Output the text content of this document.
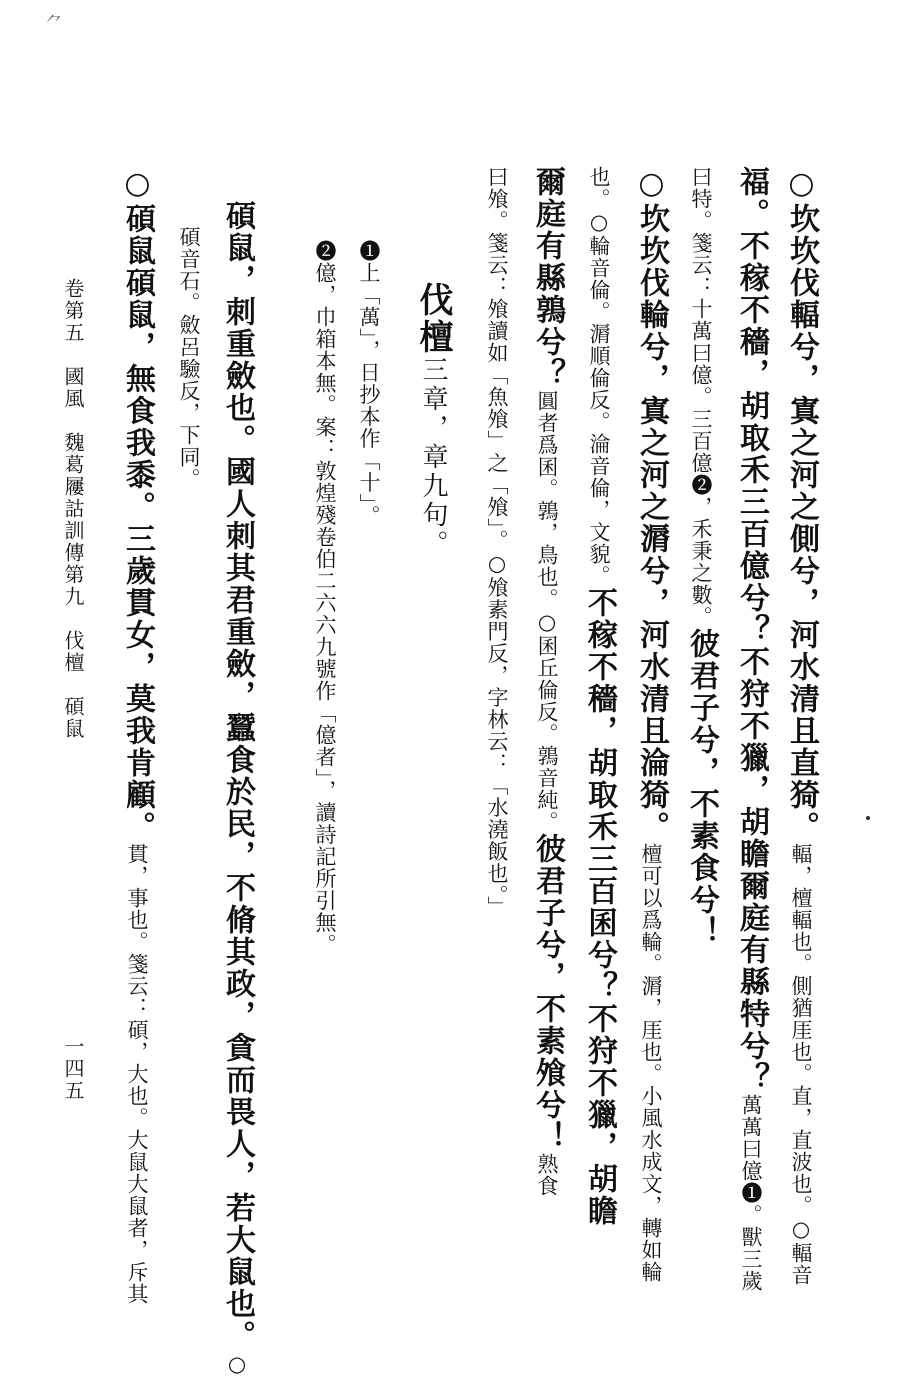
⺈
○坎坎伐輻兮，寘之河之側兮，河水清且直猗。輻，檀輻也。側猶厓也。直，直波也。○輻音
福。不稼不穡，胡取禾三百億兮？不狩不獵，胡瞻爾庭有縣特兮？萬萬曰億❶。獸三歲
曰特。箋云：十萬曰億。三百億❷，禾秉之數。彼君子兮，不素食兮！
○坎坎伐輪兮，寘之河之漘兮，河水清且淪猗。檀可以爲輪。漘，厓也。小風水成文，轉如輪
也。○輪音倫。漘順倫反。淪音倫，文貌。不稼不穡，胡取禾三百囷兮？不狩不獵，胡瞻
爾庭有縣鶉兮？圓者爲囷。鶉，鳥也。○囷丘倫反。鶉音純。彼君子兮，不素飧兮！熟食
曰飧。箋云：飧讀如「魚飧」之「飧」。○飧素門反，字林云：「水澆飯也。」
伐檀三章，章九句。
❶上「萬」，日抄本作「十」。
❷億，巾箱本無。案：敦煌殘卷伯二六六九號作「億者」，讀詩記所引無。
碩鼠，刺重斂也。國人刺其君重斂，蠶食於民，不脩其政，貪而畏人，若大鼠也。○
碩音石。斂呂驗反，下同。
○碩鼠碩鼠，無食我黍。三歲貫女，莫我肯顧。貫，事也。箋云：碩，大也。大鼠大鼠者，斥其
卷第五　國風　魏葛屨詁訓傳第九　伐檀　碩鼠
一四五
